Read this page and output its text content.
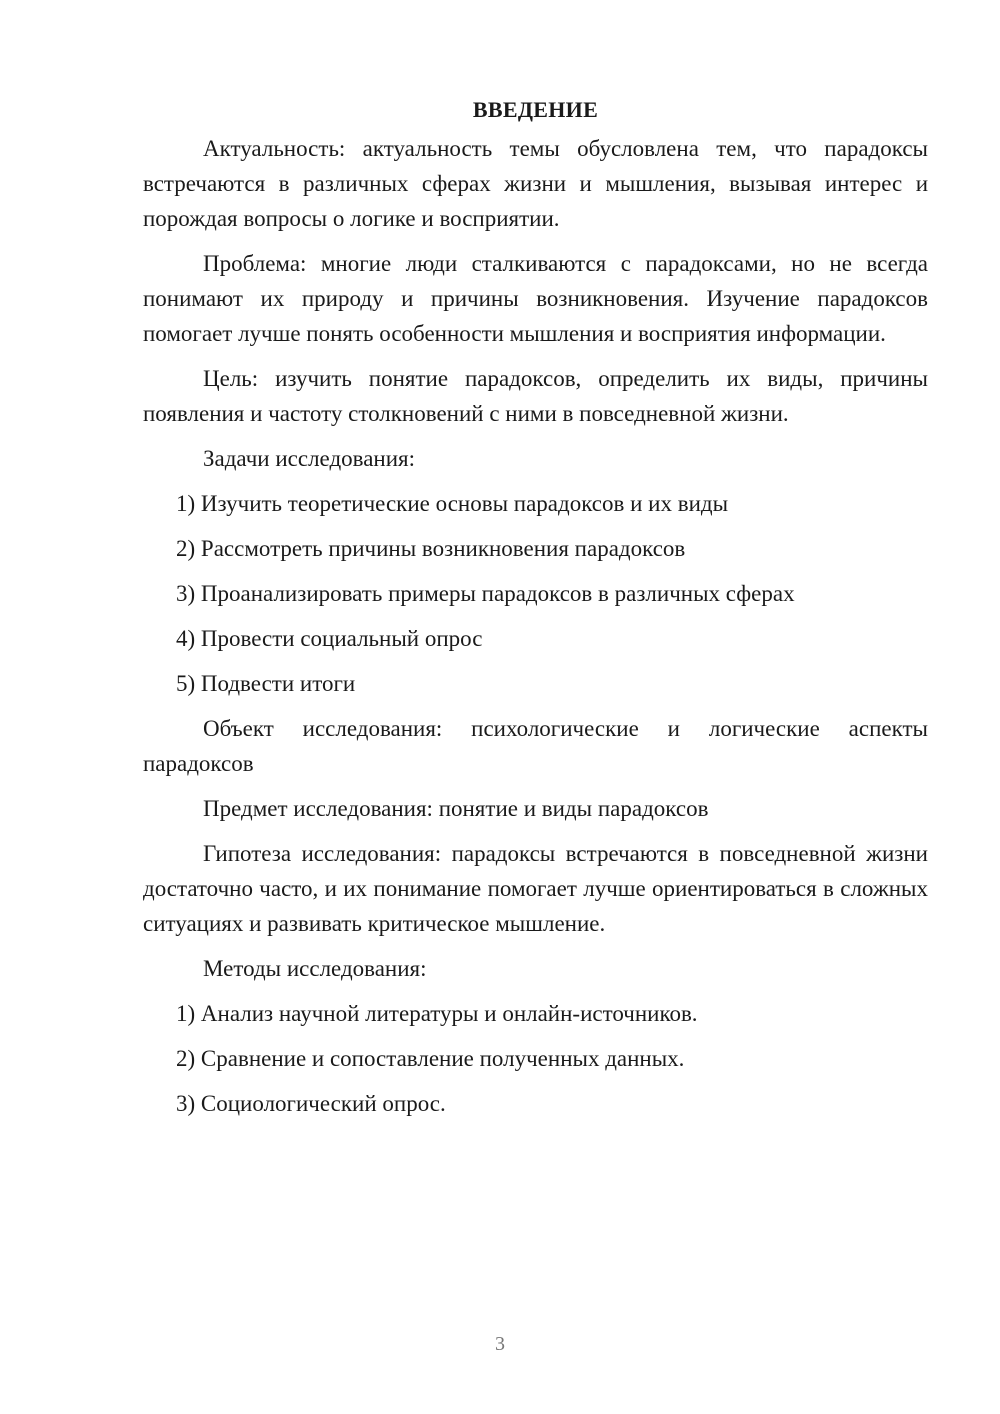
ВВЕДЕНИЕ

Актуальность: актуальность темы обусловлена тем, что парадоксы встречаются в различных сферах жизни и мышления, вызывая интерес и порождая вопросы о логике и восприятии.

Проблема: многие люди сталкиваются с парадоксами, но не всегда понимают их природу и причины возникновения. Изучение парадоксов помогает лучше понять особенности мышления и восприятия информации.

Цель: изучить понятие парадоксов, определить их виды, причины появления и частоту столкновений с ними в повседневной жизни.

Задачи исследования:

1) Изучить теоретические основы парадоксов и их виды

2) Рассмотреть причины возникновения парадоксов

3) Проанализировать примеры парадоксов в различных сферах

4) Провести социальный опрос

5) Подвести итоги

Объект исследования: психологические и логические аспекты парадоксов

Предмет исследования: понятие и виды парадоксов

Гипотеза исследования: парадоксы встречаются в повседневной жизни достаточно часто, и их понимание помогает лучше ориентироваться в сложных ситуациях и развивать критическое мышление.

Методы исследования:

1) Анализ научной литературы и онлайн-источников.

2) Сравнение и сопоставление полученных данных.

3) Социологический опрос.

3
